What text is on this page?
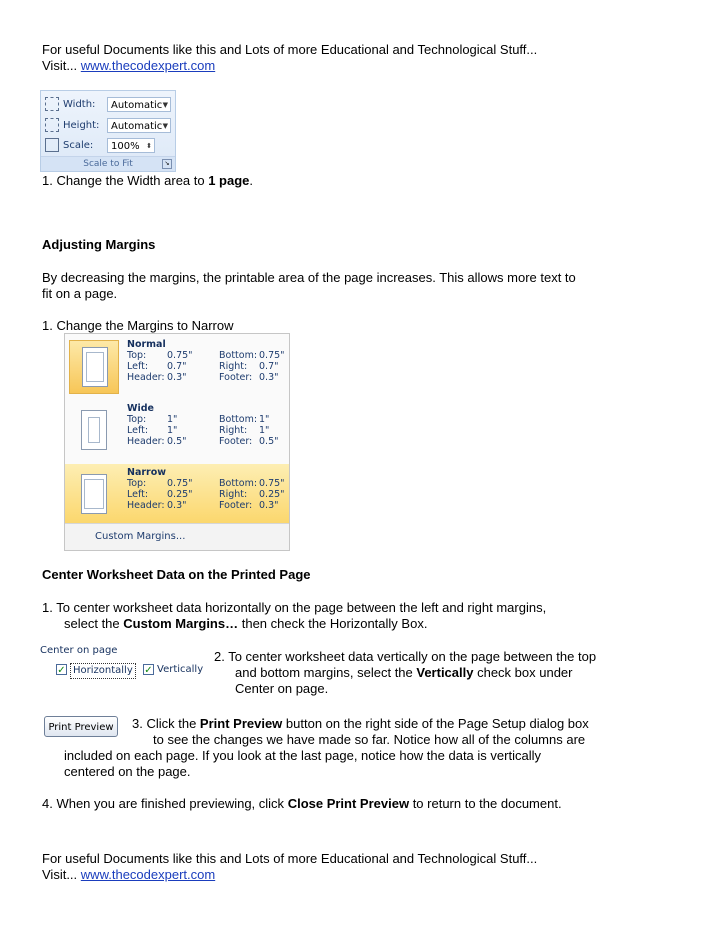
For useful Documents like this and Lots of more Educational and Technological Stuff...
Visit... www.thecodexpert.com
Width:	Automatic ▼
Height:	Automatic ▼
Scale:	100% ⬍
Scale to Fit	↘
1. Change the Width area to 1 page.
Adjusting Margins
By decreasing the margins, the printable area of the page increases. This allows more text to
fit on a page.
1. Change the Margins to Narrow
Normal
Top: 0.75"	Bottom: 0.75"
Left: 0.7"	Right: 0.7"
Header: 0.3"	Footer: 0.3"
Wide
Top: 1"	Bottom: 1"
Left: 1"	Right: 1"
Header: 0.5"	Footer: 0.5"
Narrow
Top: 0.75"	Bottom: 0.75"
Left: 0.25"	Right: 0.25"
Header: 0.3"	Footer: 0.3"
Custom Margins...
Center Worksheet Data on the Printed Page
1. To center worksheet data horizontally on the page between the left and right margins,
select the Custom Margins… then check the Horizontally Box.
Center on page
✓ Horizontally	✓ Vertically
2. To center worksheet data vertically on the page between the top
and bottom margins, select the Vertically check box under
Center on page.
Print Preview	3. Click the Print Preview button on the right side of the Page Setup dialog box
to see the changes we have made so far. Notice how all of the columns are
included on each page. If you look at the last page, notice how the data is vertically
centered on the page.
4. When you are finished previewing, click Close Print Preview to return to the document.
For useful Documents like this and Lots of more Educational and Technological Stuff...
Visit... www.thecodexpert.com
